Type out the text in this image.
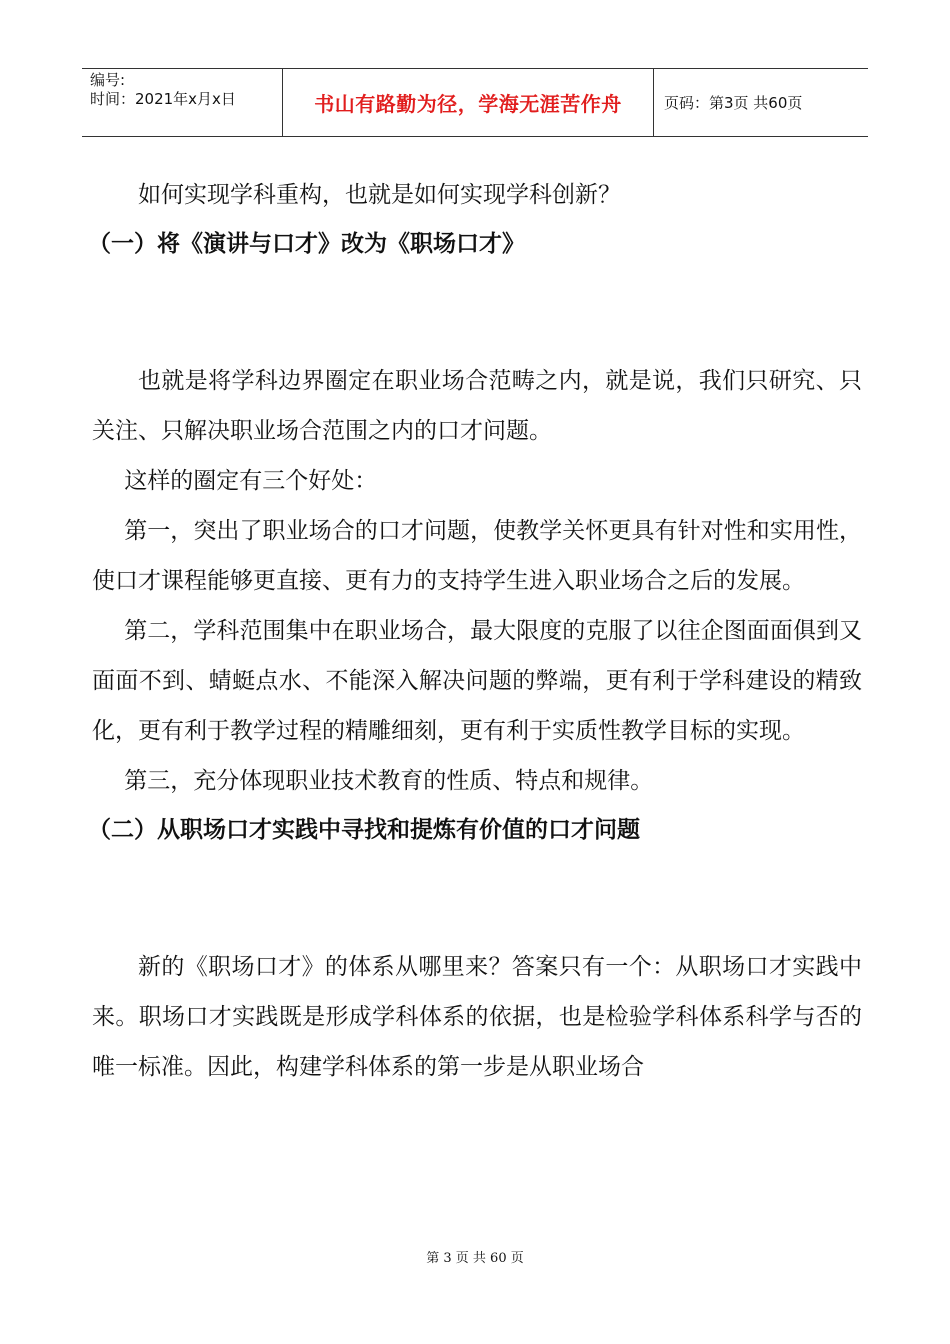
编号:
时间：2021年x月x日	书山有路勤为径，学海无涯苦作舟	页码：第3页 共60页

如何实现学科重构，也就是如何实现学科创新？

（一）将《演讲与口才》改为《职场口才》

也就是将学科边界圈定在职业场合范畴之内，就是说，我们只研究、只关注、只解决职业场合范围之内的口才问题。

这样的圈定有三个好处：

第一，突出了职业场合的口才问题，使教学关怀更具有针对性和实用性，使口才课程能够更直接、更有力的支持学生进入职业场合之后的发展。

第二，学科范围集中在职业场合，最大限度的克服了以往企图面面俱到又面面不到、蜻蜓点水、不能深入解决问题的弊端，更有利于学科建设的精致化，更有利于教学过程的精雕细刻，更有利于实质性教学目标的实现。

第三，充分体现职业技术教育的性质、特点和规律。

（二）从职场口才实践中寻找和提炼有价值的口才问题

新的《职场口才》的体系从哪里来？答案只有一个：从职场口才实践中来。职场口才实践既是形成学科体系的依据，也是检验学科体系科学与否的唯一标准。因此，构建学科体系的第一步是从职业场合

第 3 页 共 60 页
